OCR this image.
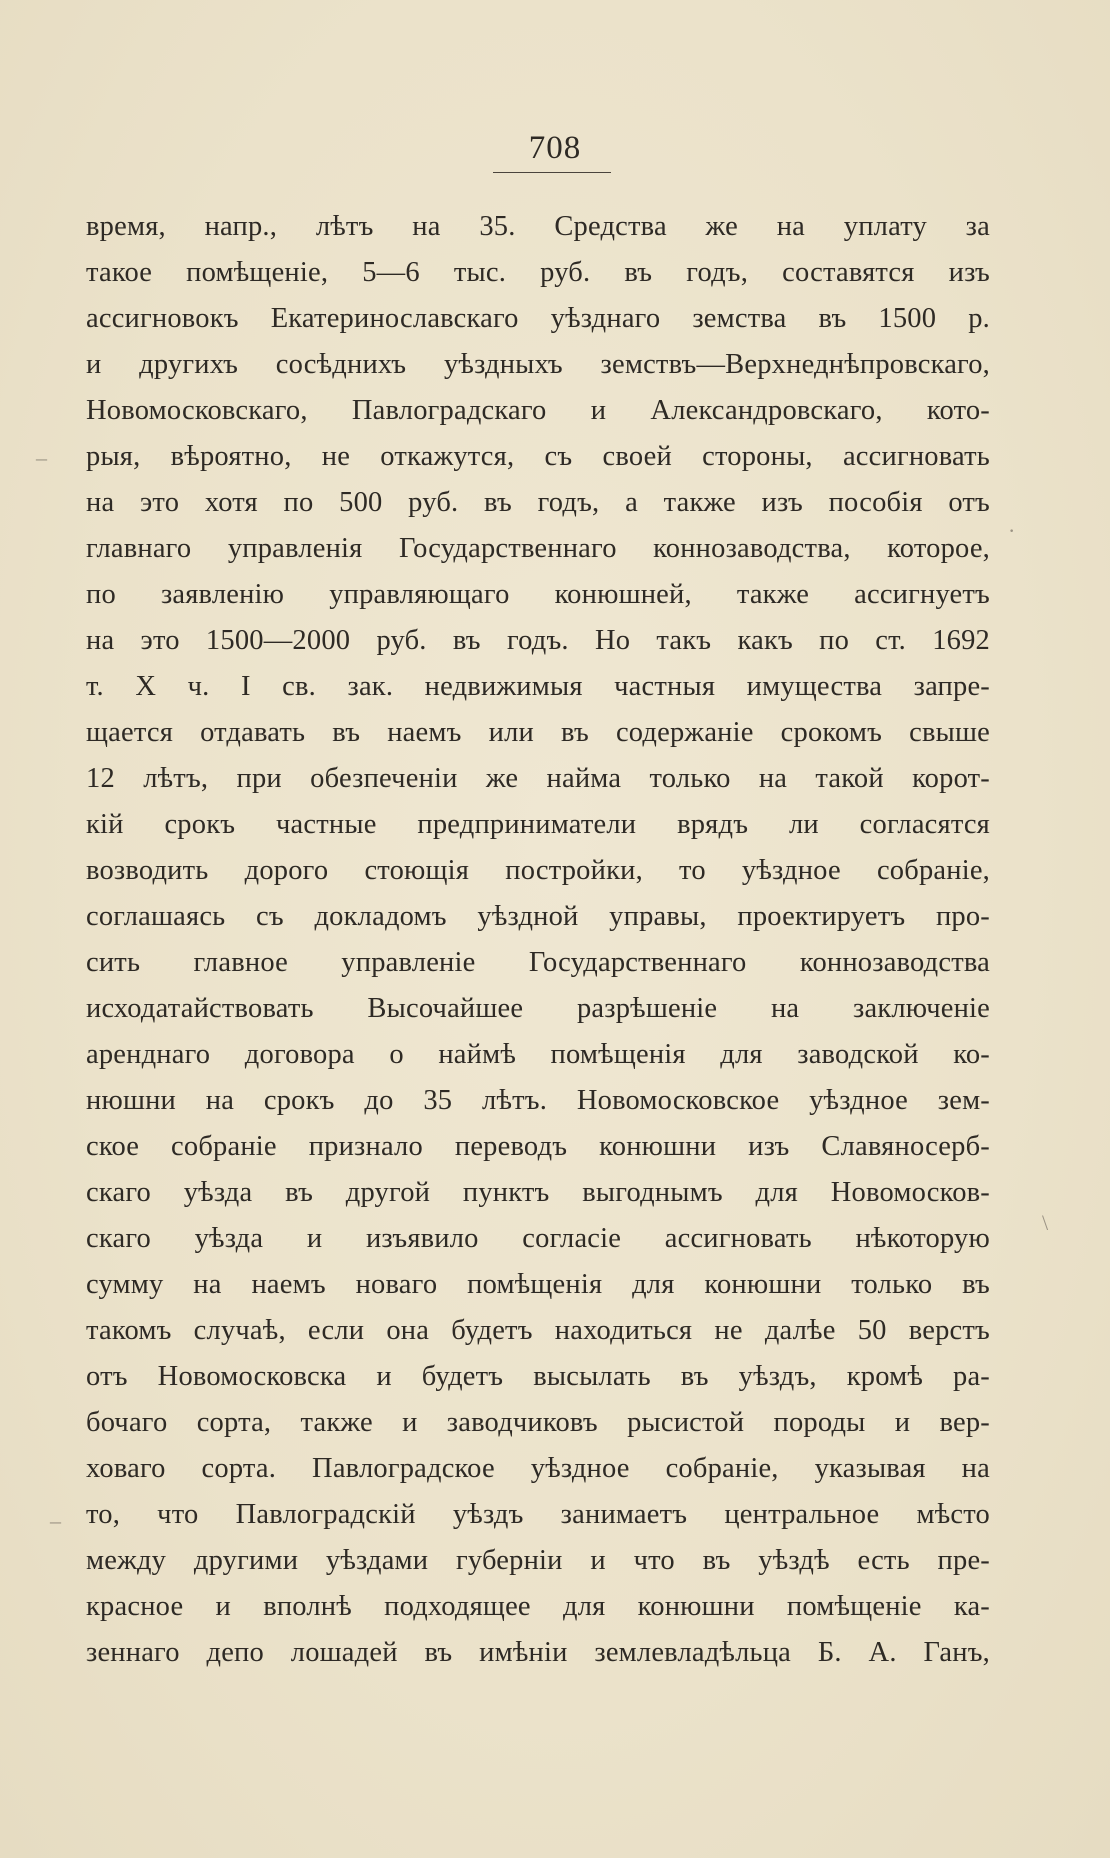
708
время, напр., лѣтъ на 35. Средства же на уплату за
такое помѣщеніе, 5—6 тыс. руб. въ годъ, составятся изъ
ассигновокъ Екатеринославскаго уѣзднаго земства въ 1500 р.
и другихъ сосѣднихъ уѣздныхъ земствъ—Верхнеднѣпровскаго,
Новомосковскаго, Павлоградскаго и Александровскаго, кото-
рыя, вѣроятно, не откажутся, съ своей стороны, ассигновать
на это хотя по 500 руб. въ годъ, а также изъ пособія отъ
главнаго управленія Государственнаго коннозаводства, которое,
по заявленію управляющаго конюшней, также ассигнуетъ
на это 1500—2000 руб. въ годъ. Но такъ какъ по ст. 1692
т. X ч. I св. зак. недвижимыя частныя имущества запре-
щается отдавать въ наемъ или въ содержаніе срокомъ свыше
12 лѣтъ, при обезпеченіи же найма только на такой корот-
кій срокъ частные предприниматели врядъ ли согласятся
возводить дорого стоющія постройки, то уѣздное собраніе,
соглашаясь съ докладомъ уѣздной управы, проектируетъ про-
сить главное управленіе Государственнаго коннозаводства
исходатайствовать Высочайшее разрѣшеніе на заключеніе
аренднаго договора о наймѣ помѣщенія для заводской ко-
нюшни на срокъ до 35 лѣтъ. Новомосковское уѣздное зем-
ское собраніе признало переводъ конюшни изъ Славяносерб-
скаго уѣзда въ другой пунктъ выгоднымъ для Новомосков-
скаго уѣзда и изъявило согласіе ассигновать нѣкоторую
сумму на наемъ новаго помѣщенія для конюшни только въ
такомъ случаѣ, если она будетъ находиться не далѣе 50 верстъ
отъ Новомосковска и будетъ высылать въ уѣздъ, кромѣ ра-
бочаго сорта, также и заводчиковъ рысистой породы и вер-
ховаго сорта. Павлоградское уѣздное собраніе, указывая на
то, что Павлоградскій уѣздъ занимаетъ центральное мѣсто
между другими уѣздами губерніи и что въ уѣздѣ есть пре-
красное и вполнѣ подходящее для конюшни помѣщеніе ка-
зеннаго депо лошадей въ имѣніи землевладѣльца Б. А. Ганъ,
–
·
\
–
